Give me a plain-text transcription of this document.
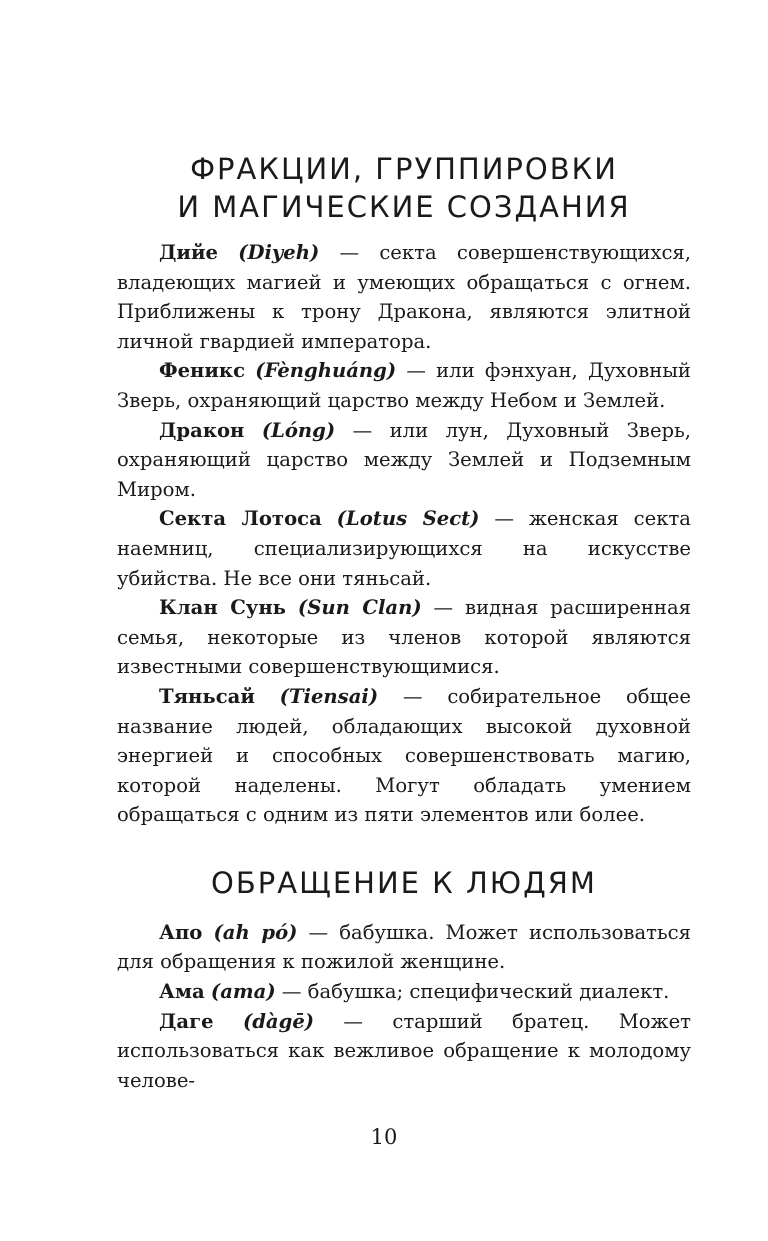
ФРАКЦИИ, ГРУППИРОВКИ
И МАГИЧЕСКИЕ СОЗДАНИЯ

Дийе (Diyeh) — секта совершенствующихся, владеющих магией и умеющих обращаться с огнем. Приближены к трону Дракона, являются элитной личной гвардией императора.

Феникс (Fènghuáng) — или фэнхуан, Духовный Зверь, охраняющий царство между Небом и Землей.

Дракон (Lóng) — или лун, Духовный Зверь, охраняющий царство между Землей и Подземным Миром.

Секта Лотоса (Lotus Sect) — женская секта наемниц, специализирующихся на искусстве убийства. Не все они тяньсай.

Клан Сунь (Sun Clan) — видная расширенная семья, некоторые из членов которой являются известными совершенствующимися.

Тяньсай (Tiensai) — собирательное общее название людей, обладающих высокой духовной энергией и способных совершенствовать магию, которой наделены. Могут обладать умением обращаться с одним из пяти элементов или более.

ОБРАЩЕНИЕ К ЛЮДЯМ

Апо (ah pó) — бабушка. Может использоваться для обращения к пожилой женщине.

Ама (ama) — бабушка; специфический диалект.

Даге (dàgē) — старший братец. Может использоваться как вежливое обращение к молодому челове-

10
